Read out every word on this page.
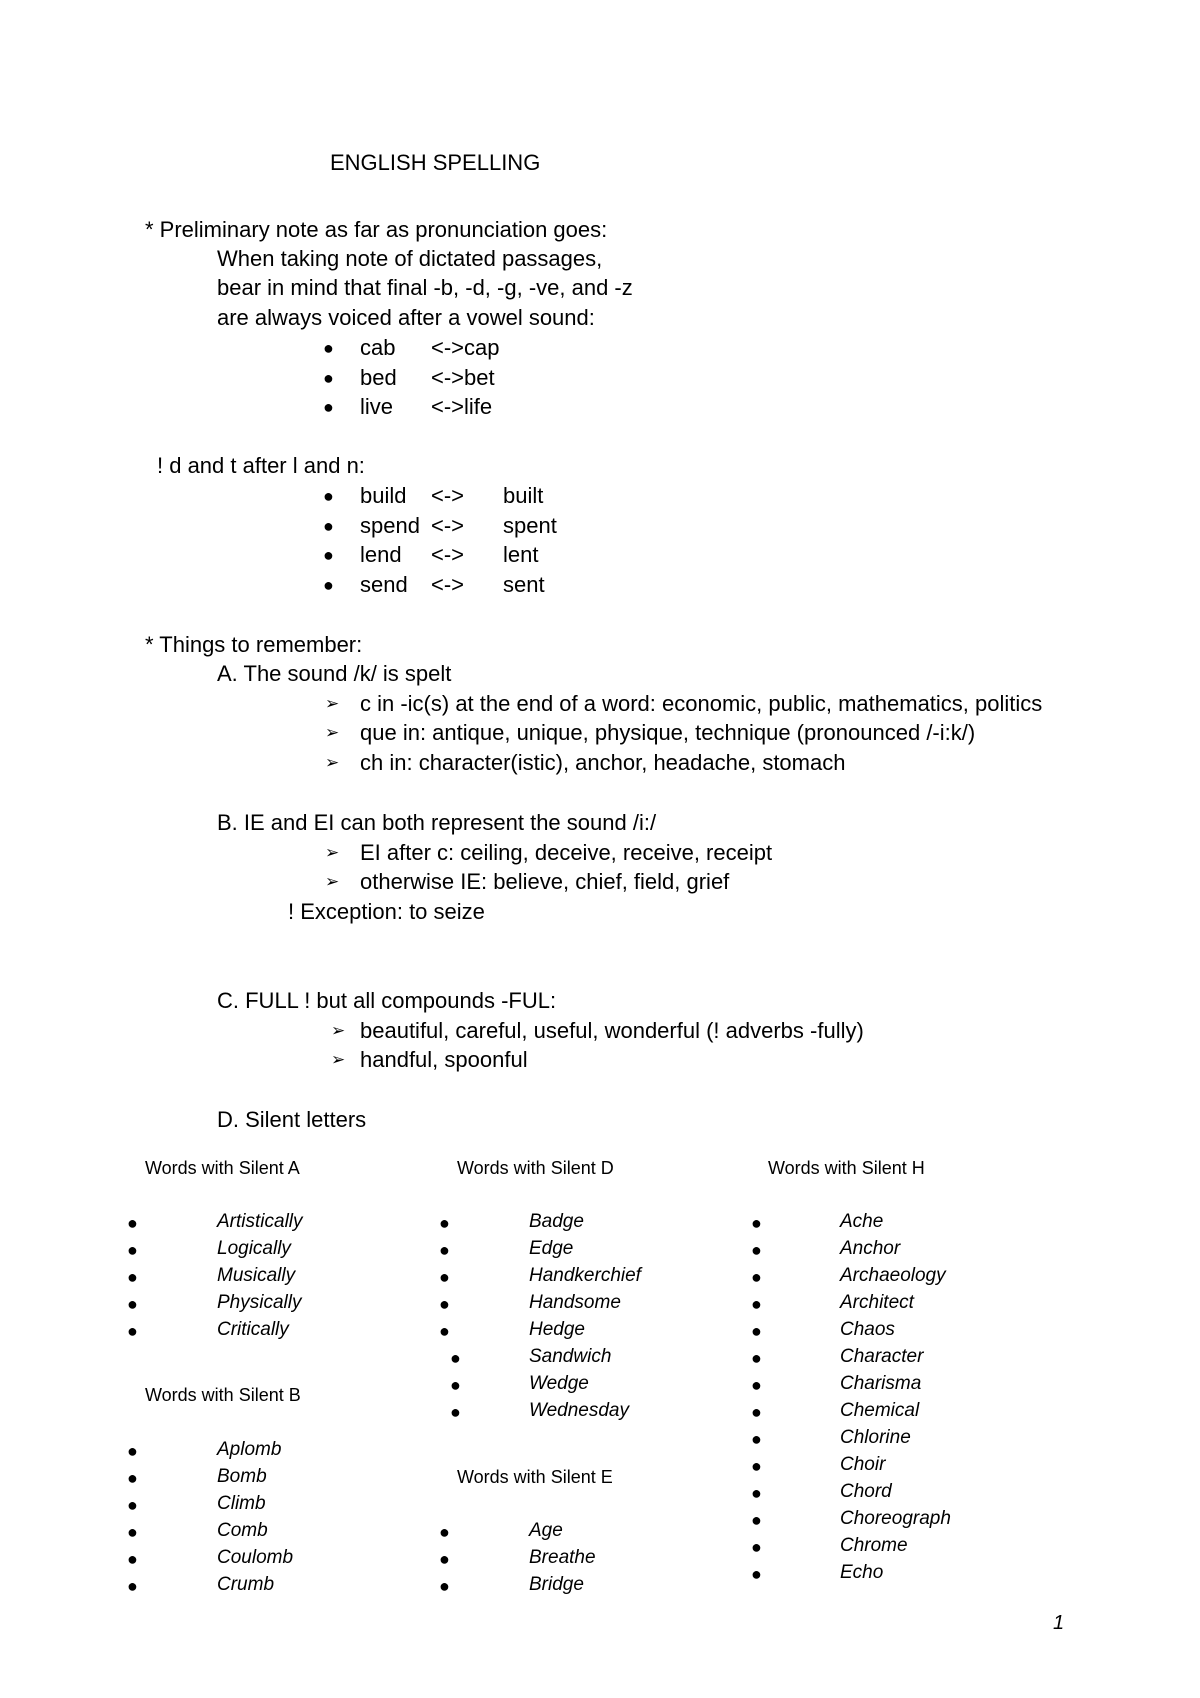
ENGLISH SPELLING
* Preliminary note as far as pronunciation goes:
When taking note of dictated passages,
bear in mind that final -b, -d, -g, -ve, and -z
are always voiced after a vowel sound:
● cab <->cap
● bed <->bet
● live <->life
! d and t after l and n:
● build <-> built
● spend <-> spent
● lend <-> lent
● send <-> sent
* Things to remember:
A. The sound /k/ is spelt
➢ c in -ic(s) at the end of a word: economic, public, mathematics, politics
➢ que in: antique, unique, physique, technique (pronounced /-i:k/)
➢ ch in: character(istic), anchor, headache, stomach
B. IE and EI can both represent the sound /i:/
➢ EI after c: ceiling, deceive, receive, receipt
➢ otherwise IE: believe, chief, field, grief
! Exception: to seize
C. FULL ! but all compounds -FUL:
➢ beautiful, careful, useful, wonderful (! adverbs -fully)
➢ handful, spoonful
D. Silent letters
Words with Silent A
●	Artistically
●	Logically
●	Musically
●	Physically
●	Critically
Words with Silent B
●	Aplomb
●	Bomb
●	Climb
●	Comb
●	Coulomb
●	Crumb
Words with Silent D
●	Badge
●	Edge
●	Handkerchief
●	Handsome
●	Hedge
●	Sandwich
●	Wedge
●	Wednesday
Words with Silent E
●	Age
●	Breathe
●	Bridge
Words with Silent H
●	Ache
●	Anchor
●	Archaeology
●	Architect
●	Chaos
●	Character
●	Charisma
●	Chemical
●	Chlorine
●	Choir
●	Chord
●	Choreograph
●	Chrome
●	Echo
1
